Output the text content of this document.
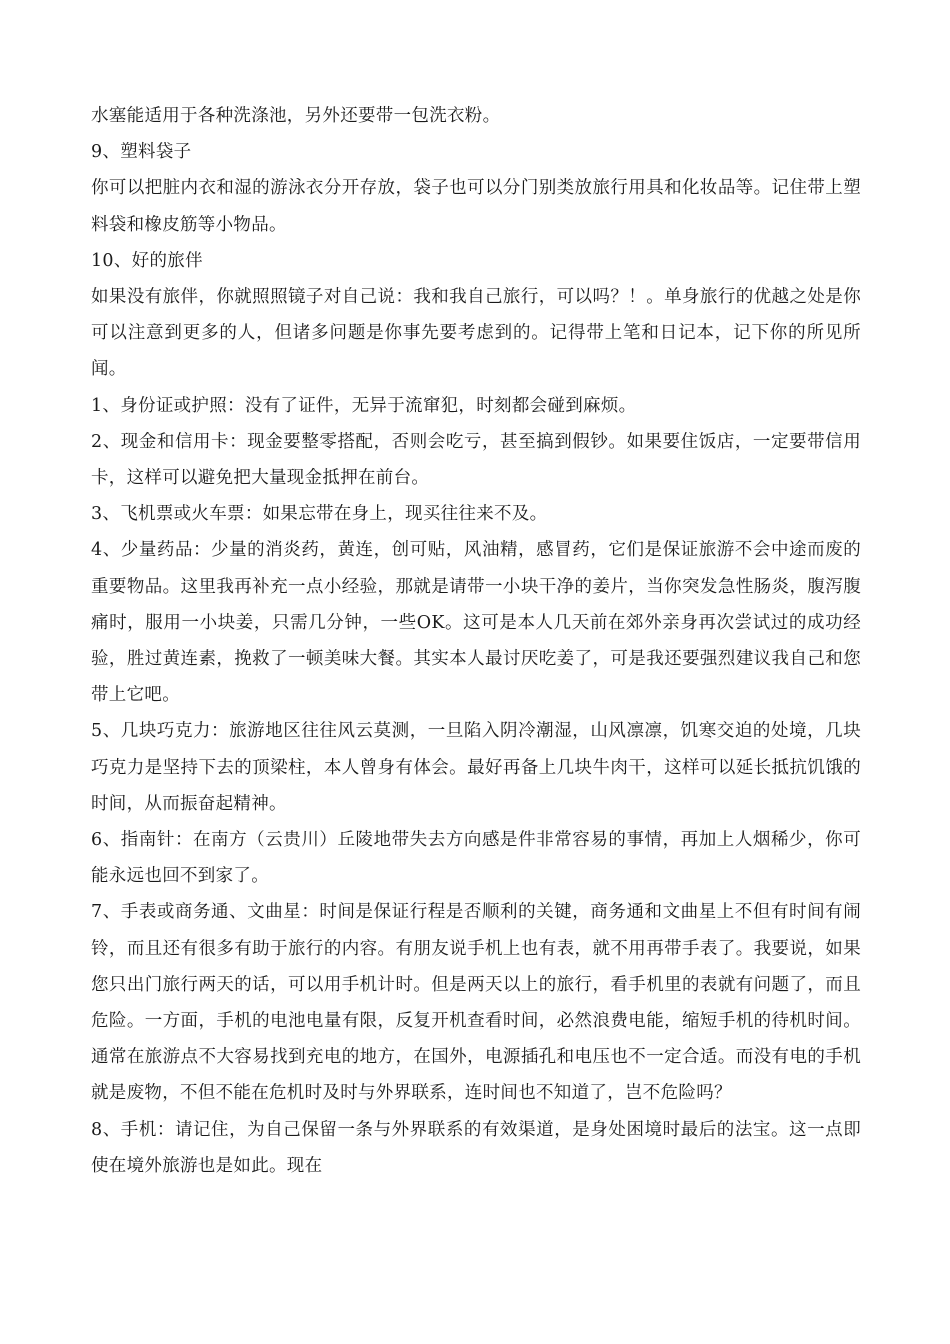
水塞能适用于各种洗涤池，另外还要带一包洗衣粉。

9、塑料袋子

你可以把脏内衣和湿的游泳衣分开存放，袋子也可以分门别类放旅行用具和化妆品等。记住带上塑料袋和橡皮筋等小物品。

10、好的旅伴

如果没有旅伴，你就照照镜子对自己说：我和我自己旅行，可以吗？！。单身旅行的优越之处是你可以注意到更多的人，但诸多问题是你事先要考虑到的。记得带上笔和日记本，记下你的所见所闻。

1、身份证或护照：没有了证件，无异于流窜犯，时刻都会碰到麻烦。

2、现金和信用卡：现金要整零搭配，否则会吃亏，甚至搞到假钞。如果要住饭店，一定要带信用卡，这样可以避免把大量现金抵押在前台。

3、飞机票或火车票：如果忘带在身上，现买往往来不及。

4、少量药品：少量的消炎药，黄连，创可贴，风油精，感冒药，它们是保证旅游不会中途而废的重要物品。这里我再补充一点小经验，那就是请带一小块干净的姜片，当你突发急性肠炎，腹泻腹痛时，服用一小块姜，只需几分钟，一些OK。这可是本人几天前在郊外亲身再次尝试过的成功经验，胜过黄连素，挽救了一顿美味大餐。其实本人最讨厌吃姜了，可是我还要强烈建议我自己和您带上它吧。

5、几块巧克力：旅游地区往往风云莫测，一旦陷入阴冷潮湿，山风凛凛，饥寒交迫的处境，几块巧克力是坚持下去的顶梁柱，本人曾身有体会。最好再备上几块牛肉干，这样可以延长抵抗饥饿的时间，从而振奋起精神。

6、指南针：在南方（云贵川）丘陵地带失去方向感是件非常容易的事情，再加上人烟稀少，你可能永远也回不到家了。

7、手表或商务通、文曲星：时间是保证行程是否顺利的关键，商务通和文曲星上不但有时间有闹铃，而且还有很多有助于旅行的内容。有朋友说手机上也有表，就不用再带手表了。我要说，如果您只出门旅行两天的话，可以用手机计时。但是两天以上的旅行，看手机里的表就有问题了，而且危险。一方面，手机的电池电量有限，反复开机查看时间，必然浪费电能，缩短手机的待机时间。通常在旅游点不大容易找到充电的地方，在国外，电源插孔和电压也不一定合适。而没有电的手机就是废物，不但不能在危机时及时与外界联系，连时间也不知道了，岂不危险吗？

8、手机：请记住，为自己保留一条与外界联系的有效渠道，是身处困境时最后的法宝。这一点即使在境外旅游也是如此。现在
